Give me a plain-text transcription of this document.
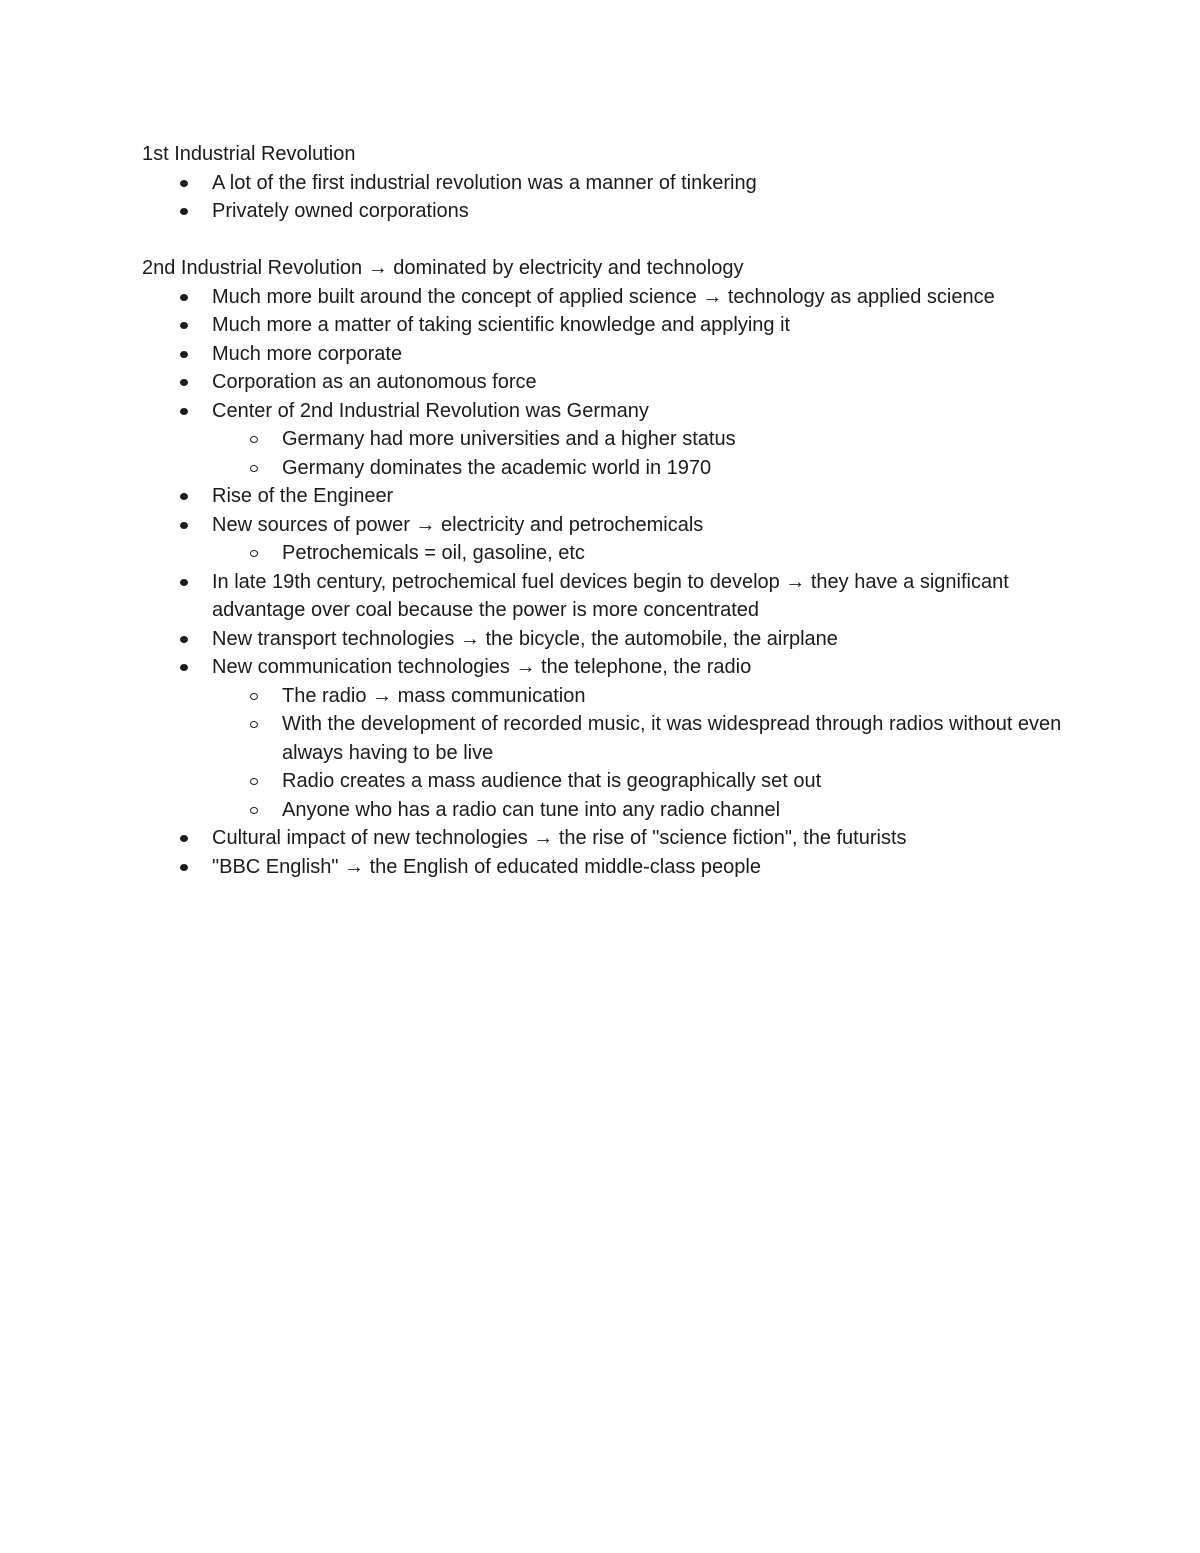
1st Industrial Revolution

A lot of the first industrial revolution was a manner of tinkering
Privately owned corporations

2nd Industrial Revolution → dominated by electricity and technology

Much more built around the concept of applied science → technology as applied science
Much more a matter of taking scientific knowledge and applying it
Much more corporate
Corporation as an autonomous force
Center of 2nd Industrial Revolution was Germany
Germany had more universities and a higher status
Germany dominates the academic world in 1970
Rise of the Engineer
New sources of power → electricity and petrochemicals
Petrochemicals = oil, gasoline, etc
In late 19th century, petrochemical fuel devices begin to develop → they have a significant advantage over coal because the power is more concentrated
New transport technologies → the bicycle, the automobile, the airplane
New communication technologies → the telephone, the radio
The radio → mass communication
With the development of recorded music, it was widespread through radios without even always having to be live
Radio creates a mass audience that is geographically set out
Anyone who has a radio can tune into any radio channel
Cultural impact of new technologies → the rise of "science fiction", the futurists
"BBC English" → the English of educated middle-class people
